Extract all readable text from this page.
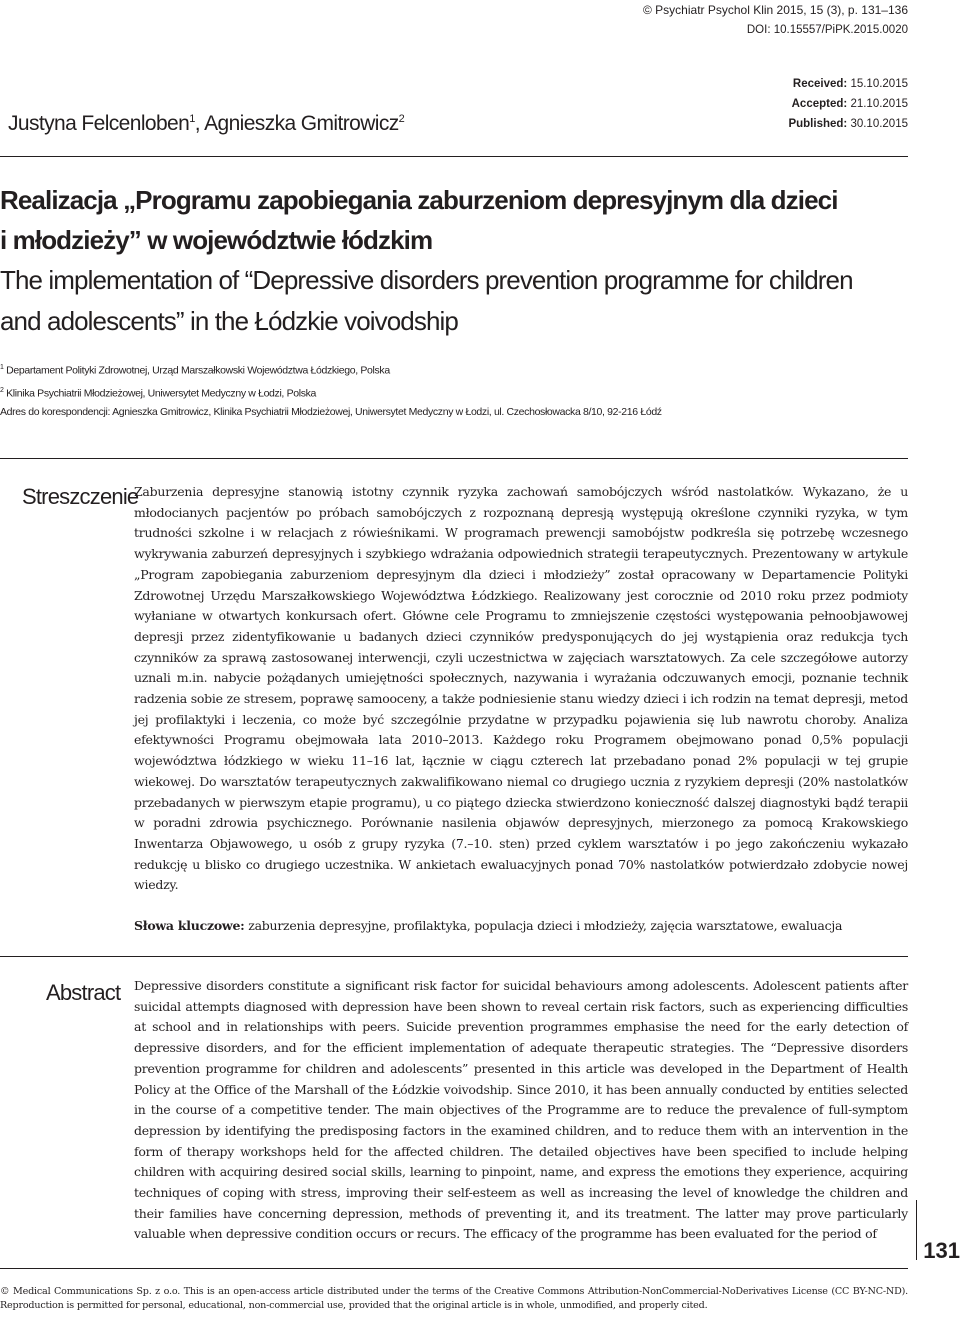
© Psychiatr Psychol Klin 2015, 15 (3), p. 131–136
DOI: 10.15557/PiPK.2015.0020
Received: 15.10.2015
Accepted: 21.10.2015
Published: 30.10.2015
Justyna Felcenloben$^1$, Agnieszka Gmitrowicz$^2$
Realizacja „Programu zapobiegania zaburzeniom depresyjnym dla dzieci
i młodzieży” w województwie łódzkim
The implementation of “Depressive disorders prevention programme for children
and adolescents” in the Łódzkie voivodship
$^1$ Departament Polityki Zdrowotnej, Urząd Marszałkowski Województwa Łódzkiego, Polska
$^2$ Klinika Psychiatrii Młodzieżowej, Uniwersytet Medyczny w Łodzi, Polska
Adres do korespondencji: Agnieszka Gmitrowicz, Klinika Psychiatrii Młodzieżowej, Uniwersytet Medyczny w Łodzi, ul. Czechosłowacka 8/10, 92-216 Łódź
Streszczenie
Zaburzenia depresyjne stanowią istotny czynnik ryzyka zachowań samobójczych wśród nastolatków. Wykazano, że u młodocianych pacjentów po próbach samobójczych z rozpoznaną depresją występują określone czynniki ryzyka, w tym trudności szkolne i w relacjach z rówieśnikami. W programach prewencji samobójstw podkreśla się potrzebę wczesnego wykrywania zaburzeń depresyjnych i szybkiego wdrażania odpowiednich strategii terapeutycznych. Prezentowany w artykule „Program zapobiegania zaburzeniom depresyjnym dla dzieci i młodzieży” został opracowany w Departamencie Polityki Zdrowotnej Urzędu Marszałkowskiego Województwa Łódzkiego. Realizowany jest corocznie od 2010 roku przez podmioty wyłaniane w otwartych konkursach ofert. Główne cele Programu to zmniejszenie częstości występowania pełnoobjawowej depresji przez zidentyfikowanie u badanych dzieci czynników predysponujących do jej wystąpienia oraz redukcja tych czynników za sprawą zastosowanej interwencji, czyli uczestnictwa w zajęciach warsztatowych. Za cele szczegółowe autorzy uznali m.in. nabycie pożądanych umiejętności społecznych, nazywania i wyrażania odczuwanych emocji, poznanie technik radzenia sobie ze stresem, poprawę samooceny, a także podniesienie stanu wiedzy dzieci i ich rodzin na temat depresji, metod jej profilaktyki i leczenia, co może być szczególnie przydatne w przypadku pojawienia się lub nawrotu choroby. Analiza efektywności Programu obejmowała lata 2010–2013. Każdego roku Programem obejmowano ponad 0,5% populacji województwa łódzkiego w wieku 11–16 lat, łącznie w ciągu czterech lat przebadano ponad 2% populacji w tej grupie wiekowej. Do warsztatów terapeutycznych zakwalifikowano niemal co drugiego ucznia z ryzykiem depresji (20% nastolatków przebadanych w pierwszym etapie programu), u co piątego dziecka stwierdzono konieczność dalszej diagnostyki bądź terapii w poradni zdrowia psychicznego. Porównanie nasilenia objawów depresyjnych, mierzonego za pomocą Krakowskiego Inwentarza Objawowego, u osób z grupy ryzyka (7.–10. sten) przed cyklem warsztatów i po jego zakończeniu wykazało redukcję u blisko co drugiego uczestnika. W ankietach ewaluacyjnych ponad 70% nastolatków potwierdzało zdobycie nowej wiedzy.
Słowa kluczowe: zaburzenia depresyjne, profilaktyka, populacja dzieci i młodzieży, zajęcia warsztatowe, ewaluacja
Abstract Depressive disorders constitute a significant risk factor for suicidal behaviours among adolescents. Adolescent patients after suicidal attempts diagnosed with depression have been shown to reveal certain risk factors, such as experiencing difficulties at school and in relationships with peers. Suicide prevention programmes emphasise the need for the early detection of depressive disorders, and for the efficient implementation of adequate therapeutic strategies. The “Depressive disorders prevention programme for children and adolescents” presented in this article was developed in the Department of Health Policy at the Office of the Marshall of the Łódzkie voivodship. Since 2010, it has been annually conducted by entities selected in the course of a competitive tender. The main objectives of the Programme are to reduce the prevalence of full-symptom depression by identifying the predisposing factors in the examined children, and to reduce them with an intervention in the form of therapy workshops held for the affected children. The detailed objectives have been specified to include helping children with acquiring desired social skills, learning to pinpoint, name, and express the emotions they experience, acquiring techniques of coping with stress, improving their self-esteem as well as increasing the level of knowledge the children and their families have concerning depression, methods of preventing it, and its treatment. The latter may prove particularly valuable when depressive condition occurs or recurs. The efficacy of the programme has been evaluated for the period of
131
© Medical Communications Sp. z o.o. This is an open-access article distributed under the terms of the Creative Commons Attribution-NonCommercial-NoDerivatives License (CC BY-NC-ND). Reproduction is permitted for personal, educational, non-commercial use, provided that the original article is in whole, unmodified, and properly cited.
